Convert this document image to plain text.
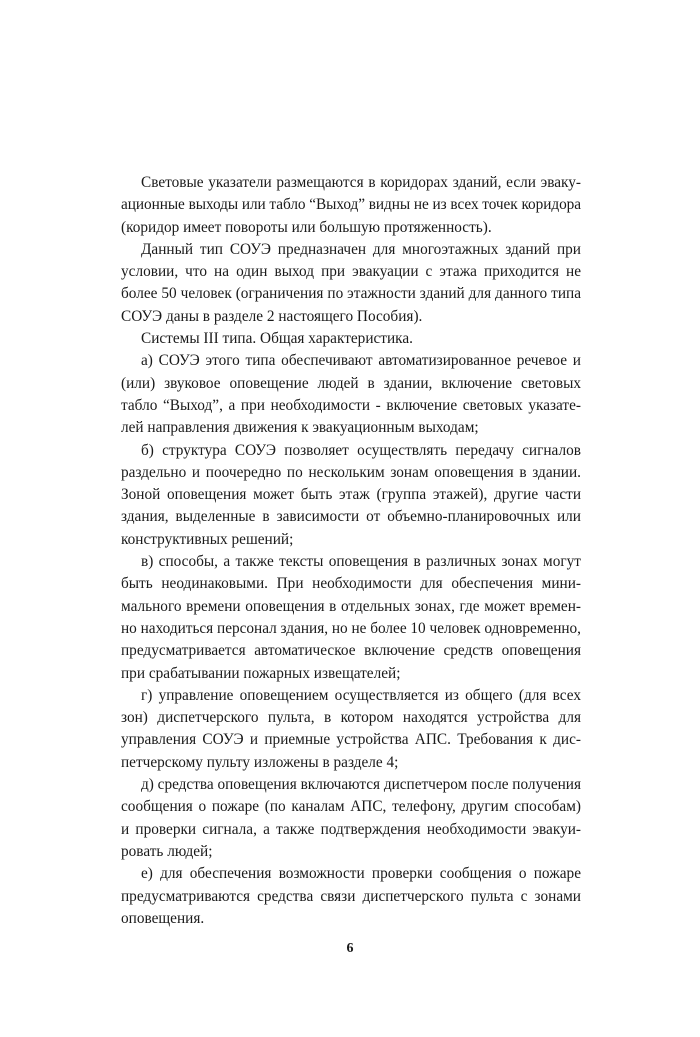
Световые указатели размещаются в коридорах зданий, если эваку-
ационные выходы или табло “Выход” видны не из всех точек коридора
(коридор имеет повороты или большую протяженность).
Данный тип СОУЭ предназначен для многоэтажных зданий при
условии, что на один выход при эвакуации с этажа приходится не
более 50 человек (ограничения по этажности зданий для данного типа
СОУЭ даны в разделе 2 настоящего Пособия).
Системы III типа. Общая характеристика.
а) СОУЭ этого типа обеспечивают автоматизированное речевое и
(или) звуковое оповещение людей в здании, включение световых
табло “Выход”, а при необходимости - включение световых указате-
лей направления движения к эвакуационным выходам;
б) структура СОУЭ позволяет осуществлять передачу сигналов
раздельно и поочередно по нескольким зонам оповещения в здании.
Зоной оповещения может быть этаж (группа этажей), другие части
здания, выделенные в зависимости от объемно-планировочных или
конструктивных решений;
в) способы, а также тексты оповещения в различных зонах могут
быть неодинаковыми. При необходимости для обеспечения мини-
мального времени оповещения в отдельных зонах, где может времен-
но находиться персонал здания, но не более 10 человек одновременно,
предусматривается автоматическое включение средств оповещения
при срабатывании пожарных извещателей;
г) управление оповещением осуществляется из общего (для всех
зон) диспетчерского пульта, в котором находятся устройства для
управления СОУЭ и приемные устройства АПС. Требования к дис-
петчерскому пульту изложены в разделе 4;
д) средства оповещения включаются диспетчером после получения
сообщения о пожаре (по каналам АПС, телефону, другим способам)
и проверки сигнала, а также подтверждения необходимости эвакуи-
ровать людей;
е) для обеспечения возможности проверки сообщения о пожаре
предусматриваются средства связи диспетчерского пульта с зонами
оповещения.
6
